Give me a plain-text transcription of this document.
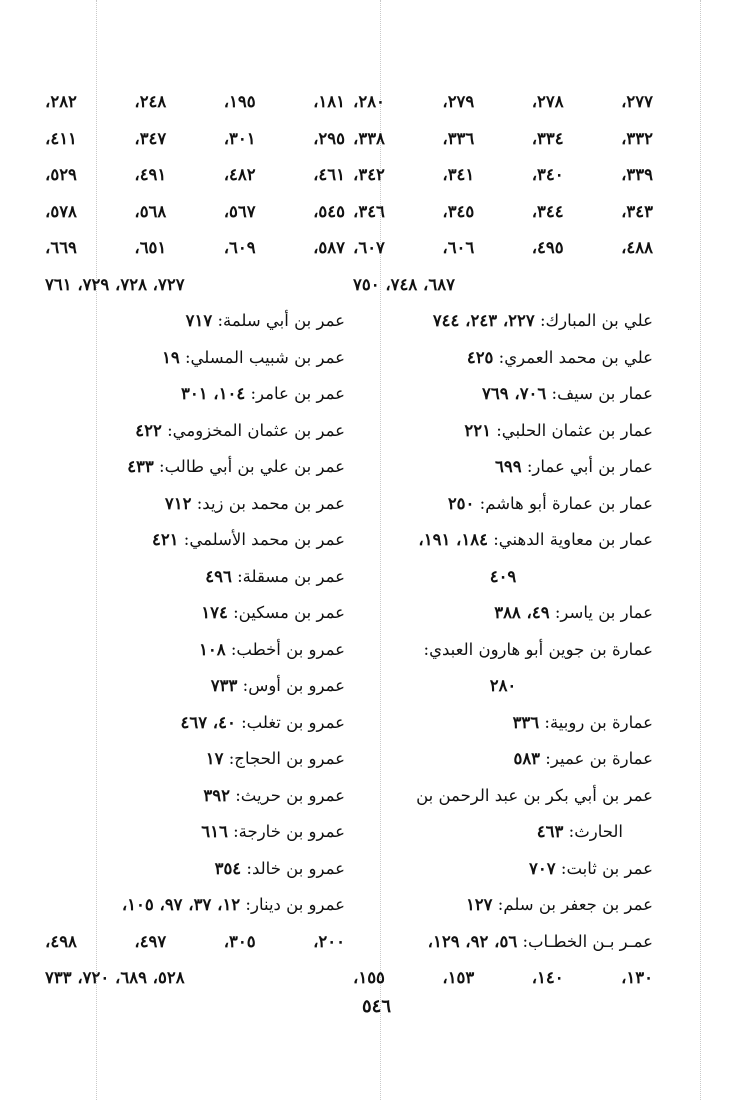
٢٧٧،
٢٧٨،
٢٧٩،
٢٨٠،
٣٣٢،
٣٣٤،
٣٣٦،
٣٣٨،
٣٣٩،
٣٤٠،
٣٤١،
٣٤٢،
٣٤٣،
٣٤٤،
٣٤٥،
٣٤٦،
٤٨٨،
٤٩٥،
٦٠٦،
٦٠٧،
٦٨٧، ٧٤٨، ٧٥٠
علي بن المبارك: ٢٢٧، ٢٤٣، ٧٤٤
علي بن محمد العمري: ٤٢٥
عمار بن سيف: ٧٠٦، ٧٦٩
عمار بن عثمان الحلبي: ٢٢١
عمار بن أبي عمار: ٦٩٩
عمار بن عمارة أبو هاشم: ٢٥٠
عمار بن معاوية الدهني: ١٨٤، ١٩١،
٤٠٩
عمار بن ياسر: ٤٩، ٣٨٨
عمارة بن جوين أبو هارون العبدي:
٢٨٠
عمارة بن روبية: ٣٣٦
عمارة بن عمير: ٥٨٣
عمر بن أبي بكر بن عبد الرحمن بن
الحارث: ٤٦٣
عمر بن ثابت: ٧٠٧
عمر بن جعفر بن سلم: ١٢٧
عمـر بـن الخطـاب: ٥٦، ٩٢، ١٢٩،
١٣٠،
١٤٠،
١٥٣،
١٥٥،
١٨١،
١٩٥،
٢٤٨،
٢٨٢،
٢٩٥،
٣٠١،
٣٤٧،
٤١١،
٤٦١،
٤٨٢،
٤٩١،
٥٢٩،
٥٤٥،
٥٦٧،
٥٦٨،
٥٧٨،
٥٨٧،
٦٠٩،
٦٥١،
٦٦٩،
٧٢٧، ٧٢٨، ٧٢٩، ٧٦١
عمر بن أبي سلمة: ٧١٧
عمر بن شبيب المسلي: ١٩
عمر بن عامر: ١٠٤، ٣٠١
عمر بن عثمان المخزومي: ٤٢٢
عمر بن علي بن أبي طالب: ٤٣٣
عمر بن محمد بن زيد: ٧١٢
عمر بن محمد الأسلمي: ٤٢١
عمر بن مسقلة: ٤٩٦
عمر بن مسكين: ١٧٤
عمرو بن أخطب: ١٠٨
عمرو بن أوس: ٧٣٣
عمرو بن تغلب: ٤٠، ٤٦٧
عمرو بن الحجاج: ١٧
عمرو بن حريث: ٣٩٢
عمرو بن خارجة: ٦١٦
عمرو بن خالد: ٣٥٤
عمرو بن دينار: ١٢، ٣٧، ٩٧، ١٠٥،
٢٠٠،
٣٠٥،
٤٩٧،
٤٩٨،
٥٢٨، ٦٨٩، ٧٢٠، ٧٣٣
٥٤٦
